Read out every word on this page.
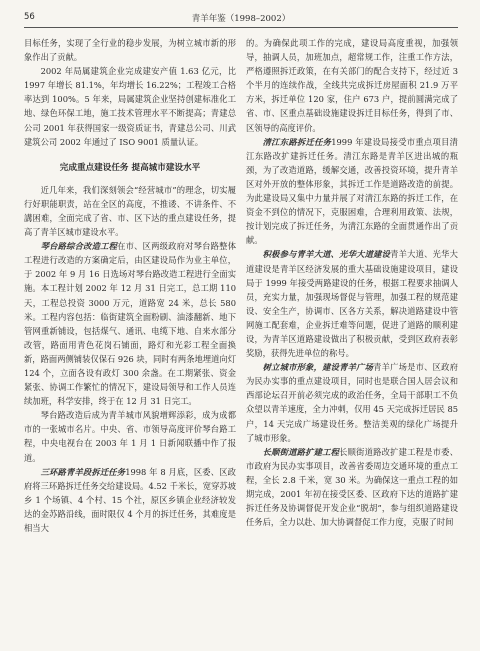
56	青羊年鉴（1998–2002）

目标任务，实现了全行业的稳步发展，为树立城市新的形象作出了贡献。

2002 年局属建筑企业完成建安产值 1.63 亿元，比 1997 年增长 81.1%，年均增长 16.22%；工程竣工合格率达到 100%。5 年来，局属建筑企业坚持创建标准化工地、绿色环保工地，施工技术管理水平不断提高；青建总公司 2001 年获得国家一级资质证书，青建总公司、川武建筑公司 2002 年通过了 ISO 9001 质量认证。

完成重点建设任务 提高城市建设水平

近几年来，我们深刻领会“经营城市”的理念，切实履行好职能职责，站在全区的高度，不推诿、不讲条件、不講困难，全面完成了省、市、区下达的重点建设任务，提高了青羊区城市建设水平。

琴台路综合改造工程在市、区两级政府对琴台路整体工程进行改造的方案确定后，由区建设局作为业主单位，于 2002 年 9 月 16 日选场对琴台路改造工程进行全面实施。本工程计划 2002 年 12 月 31 日完工，总工期 110 天，工程总投资 3000 万元，道路宽 24 米，总长 580 米。工程内容包括：临街建筑全面粉刷、油漆翻新、地下管网重新铺设，包括煤气、通讯、电缆下地、自来水部分改管，路面用青色花岗石铺面，路灯和光彩工程全面换新，路面两侧铺装仅保石 926 块，同时有两条地埋道向灯 124 个，立面各设有政灯 300 余盏。在工期紧张、资金紧张、协调工作繁忙的情况下，建设局领导和工作人员连续加班，科学安排，终于在 12 月 31 日完工。

琴台路改造后成为青羊城市风貌增辉添彩，成为成都市的一张城市名片。中央、省、市领导高度评价琴台路工程，中央电视台在 2003 年 1 月 1 日新闻联播中作了报道。

三环路青羊段拆迁任务1998 年 8 月底，区委、区政府将三环路拆迁任务交给建设局。4.52 千米长，宽穿苏坡乡 1 个场镇、4 个村、15 个社，原区乡镇企业经济较发达的金苏路沿线，面时限仅 4 个月的拆迁任务，其难度是相当大

的。为确保此项工作的完成，建设局高度重视，加强领导，抽调人员，加班加点，超常规工作，注重工作方法，严格遵照拆迁政策，在有关部门的配合支持下，经过近 3 个半月的连续作战，全线共完成拆迁房屋面积 21.9 万平方米，拆迁单位 120 家，住户 673 户，提前圆满完成了省、市、区重点基础设施建设拆迁目标任务，得到了市、区领导的高度评价。

清江东路拆迁任务1999 年建设局接受市重点项目清江东路改扩建拆迁任务。清江东路是青羊区进出城的瓶颈，为了改造道路，缓解交通，改善投资环境，提升青羊区对外开放的整体形象，其拆迁工作是道路改造的前提。为此建设局又集中力量并展了对清江东路的拆迁工作，在资金不到位的情况下，克服困难，合理利用政策、法规，按计划完成了拆迁任务，为清江东路的全面贯通作出了贡献。

积极参与青羊大道、光华大道建设青羊大道、光华大道建设是青羊区经济发展的重大基础设施建设项目，建设局于 1999 年接受两路建设的任务，根据工程要求抽调人员，充实力量，加强现场督促与管理，加强工程的规范建设、安全生产，协调市、区各方关系，解决道路建设中管网施工配套难，企业拆迁难等问题，促进了道路的顺利建设，为青羊区道路建设做出了积极贡献，受到区政府表彰奖励，获得先进单位的称号。

树立城市形象，建设青羊广场青羊广场是市、区政府为民办实事的重点建设项目，同时也是联合国人居会议和西部论坛召开前必须完成的政治任务，全局干部职工不负众望以青羊速度，全力冲刺，仅用 45 天完成拆迁居民 85 户，14 天完成广场建设任务。整洁美观的绿化广场提升了城市形象。

长顺街道路扩建工程长顺街道路改扩建工程是市委、市政府为民办实事项目，改善省委周边交通环境的重点工程，全长 2.8 千米，宽 30 米。为确保这一重点工程的如期完成，2001 年初在接受区委、区政府下达的道路扩建拆迁任务及协调督促开发企业“脱胡”，参与组织道路建设任务后，全力以赴、加大协调督促工作力度，克服了时间
